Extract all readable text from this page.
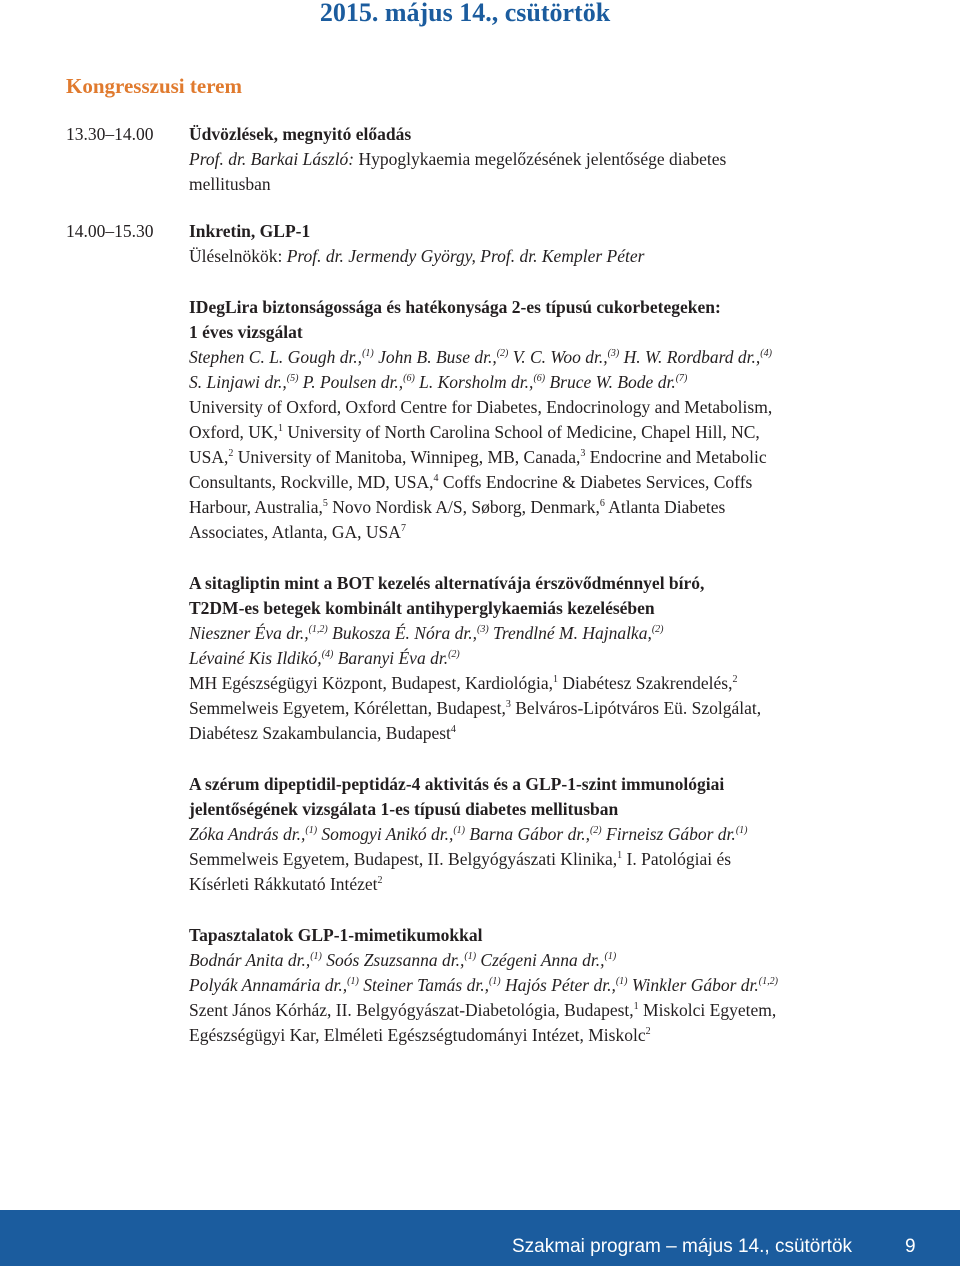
2015. május 14., csütörtök
Kongresszusi terem
13.30–14.00	Üdvözlések, megnyitó előadás
Prof. dr. Barkai László: Hypoglykaemia megelőzésének jelentősége diabetes
mellitusban
14.00–15.30	Inkretin, GLP-1
Üléselnökök: Prof. dr. Jermendy György, Prof. dr. Kempler Péter
IDegLira biztonságossága és hatékonysága 2-es típusú cukorbetegeken:
1 éves vizsgálat
Stephen C. L. Gough dr.,$^{(1)}$ John B. Buse dr.,$^{(2)}$ V. C. Woo dr.,$^{(3)}$ H. W. Rordbard dr.,$^{(4)}$
S. Linjawi dr.,$^{(5)}$ P. Poulsen dr.,$^{(6)}$ L. Korsholm dr.,$^{(6)}$ Bruce W. Bode dr.$^{(7)}$
University of Oxford, Oxford Centre for Diabetes, Endocrinology and Metabolism,
Oxford, UK,$^1$ University of North Carolina School of Medicine, Chapel Hill, NC,
USA,$^2$ University of Manitoba, Winnipeg, MB, Canada,$^3$ Endocrine and Metabolic
Consultants, Rockville, MD, USA,$^4$ Coffs Endocrine & Diabetes Services, Coffs
Harbour, Australia,$^5$ Novo Nordisk A/S, Søborg, Denmark,$^6$ Atlanta Diabetes
Associates, Atlanta, GA, USA$^7$
A sitagliptin mint a BOT kezelés alternatívája érszövődménnyel bíró,
T2DM-es betegek kombinált antihyperglykaemiás kezelésében
Nieszner Éva dr.,$^{(1,2)}$ Bukosza É. Nóra dr.,$^{(3)}$ Trendlné M. Hajnalka,$^{(2)}$
Lévainé Kis Ildikó,$^{(4)}$ Baranyi Éva dr.$^{(2)}$
MH Egészségügyi Központ, Budapest, Kardiológia,$^1$ Diabétesz Szakrendelés,$^2$
Semmelweis Egyetem, Kórélettan, Budapest,$^3$ Belváros-Lipótváros Eü. Szolgálat,
Diabétesz Szakambulancia, Budapest$^4$
A szérum dipeptidil-peptidáz-4 aktivitás és a GLP-1-szint immunológiai
jelentőségének vizsgálata 1-es típusú diabetes mellitusban
Zóka András dr.,$^{(1)}$ Somogyi Anikó dr.,$^{(1)}$ Barna Gábor dr.,$^{(2)}$ Firneisz Gábor dr.$^{(1)}$
Semmelweis Egyetem, Budapest, II. Belgyógyászati Klinika,$^1$ I. Patológiai és
Kísérleti Rákkutató Intézet$^2$
Tapasztalatok GLP-1-mimetikumokkal
Bodnár Anita dr.,$^{(1)}$ Soós Zsuzsanna dr.,$^{(1)}$ Czégeni Anna dr.,$^{(1)}$
Polyák Annamária dr.,$^{(1)}$ Steiner Tamás dr.,$^{(1)}$ Hajós Péter dr.,$^{(1)}$ Winkler Gábor dr.$^{(1,2)}$
Szent János Kórház, II. Belgyógyászat-Diabetológia, Budapest,$^1$ Miskolci Egyetem,
Egészségügyi Kar, Elméleti Egészségtudományi Intézet, Miskolc$^2$
Szakmai program – május 14., csütörtök	9
